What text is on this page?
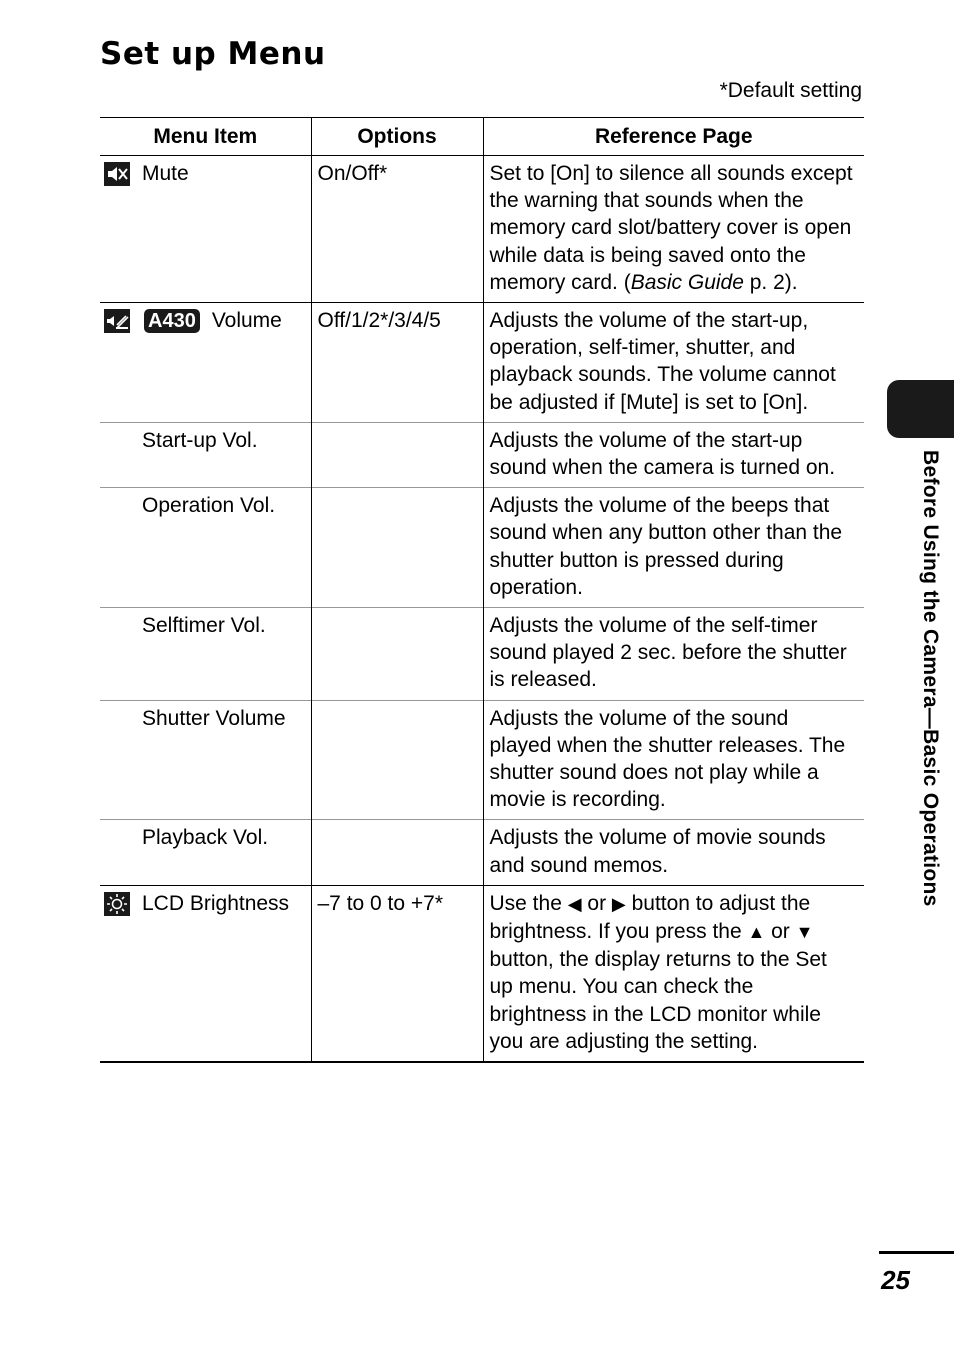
Set up Menu
*Default setting
Menu Item	Options	Reference Page

Mute	On/Off*	Set to [On] to silence all sounds except the warning that sounds when the memory card slot/battery cover is open while data is being saved onto the memory card. (Basic Guide p. 2).

A430 Volume	Off/1/2*/3/4/5	Adjusts the volume of the start-up, operation, self-timer, shutter, and playback sounds. The volume cannot be adjusted if [Mute] is set to [On].
Start-up Vol.		Adjusts the volume of the start-up sound when the camera is turned on.
Operation Vol.		Adjusts the volume of the beeps that sound when any button other than the shutter button is pressed during operation.
Selftimer Vol.		Adjusts the volume of the self-timer sound played 2 sec. before the shutter is released.
Shutter Volume		Adjusts the volume of the sound played when the shutter releases. The shutter sound does not play while a movie is recording.
Playback Vol.		Adjusts the volume of movie sounds and sound memos.

LCD Brightness	–7 to 0 to +7*	Use the ◀ or ▶ button to adjust the brightness. If you press the ▲ or ▼ button, the display returns to the Set up menu. You can check the brightness in the LCD monitor while you are adjusting the setting.
Before Using the Camera—Basic Operations
25
